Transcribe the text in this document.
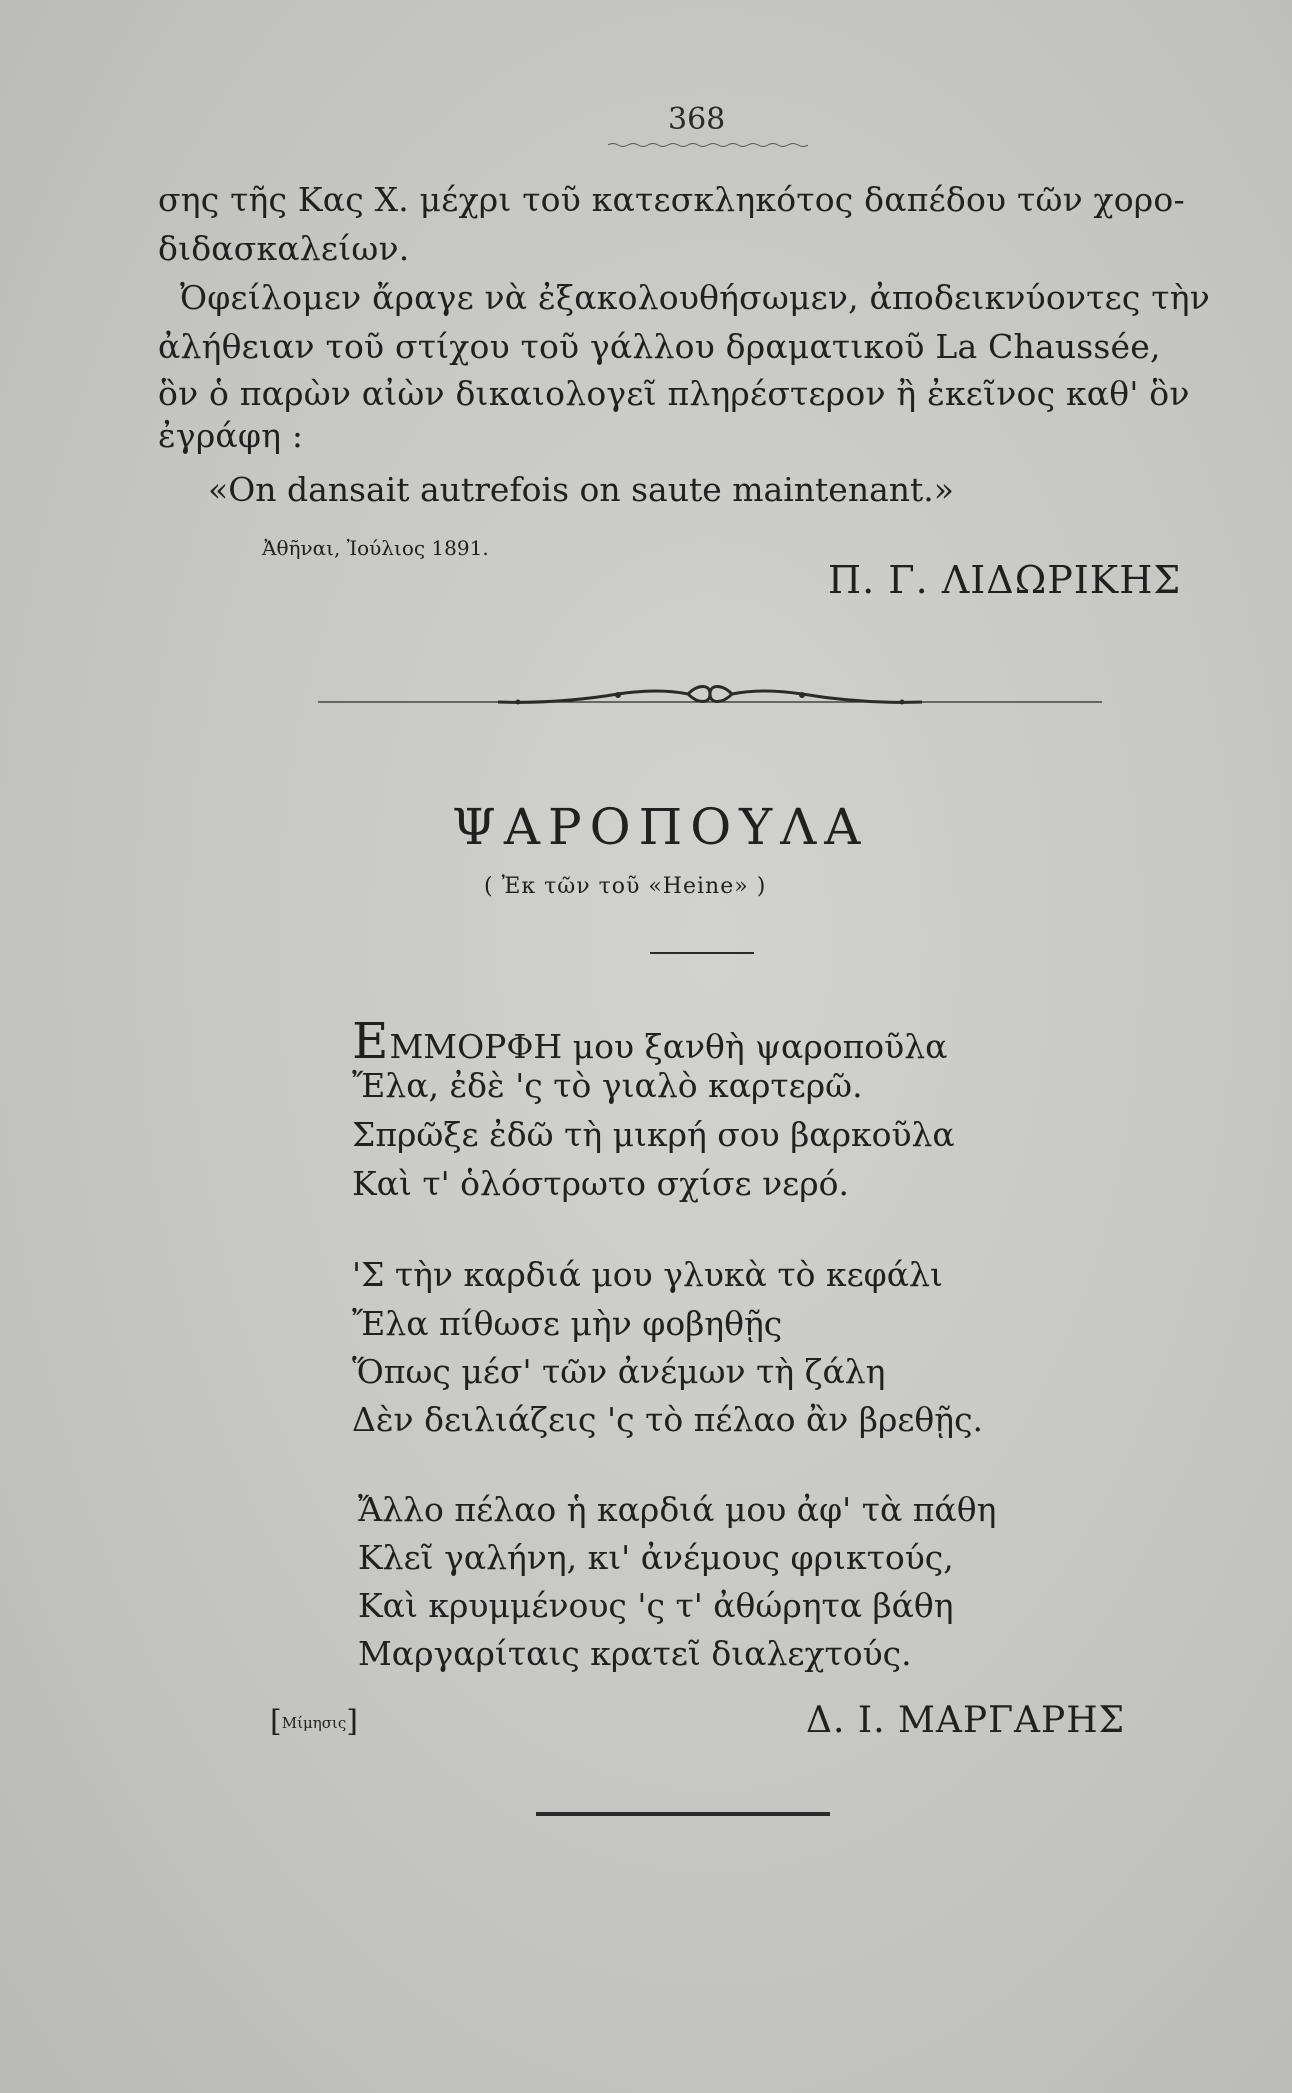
368
σης τῆς Κας Χ. μέχρι τοῦ κατεσκληκότος δαπέδου τῶν χορο-
διδασκαλείων.
Ὀφείλομεν ἄραγε νὰ ἐξακολουθήσωμεν, ἀποδεικνύοντες τὴν
ἀλήθειαν τοῦ στίχου τοῦ γάλλου δραματικοῦ La Chaussée,
ὃν ὁ παρὼν αἰὼν δικαιολογεῖ πληρέστερον ἢ ἐκεῖνος καθ' ὃν
ἐγράφη :
«On dansait autrefois on saute maintenant.»
Ἀθῆναι, Ἰούλιος 1891.
Π. Γ. ΛΙΔΩΡΙΚΗΣ
ΨΑΡΟΠΟΥΛΑ
( Ἐκ τῶν τοῦ «Heine» )
ΕΜΜΟΡΦΗ μου ξανθὴ ψαροποῦλα
Ἔλα, ἐδὲ 'ς τὸ γιαλὸ καρτερῶ.
Σπρῶξε ἐδῶ τὴ μικρή σου βαρκοῦλα
Καὶ τ' ὁλόστρωτο σχίσε νερό.
'Σ τὴν καρδιά μου γλυκὰ τὸ κεφάλι
Ἔλα πίθωσε μὴν φοβηθῇς
Ὅπως μέσ' τῶν ἀνέμων τὴ ζάλη
Δὲν δειλιάζεις 'ς τὸ πέλαο ἂν βρεθῇς.
Ἄλλο πέλαο ἡ καρδιά μου ἀφ' τὰ πάθη
Κλεῖ γαλήνη, κι' ἀνέμους φρικτούς,
Καὶ κρυμμένους 'ς τ' ἀθώρητα βάθη
Μαργαρίταις κρατεῖ διαλεχτούς.
[Μίμησις]	Δ. Ι. ΜΑΡΓΑΡΗΣ
